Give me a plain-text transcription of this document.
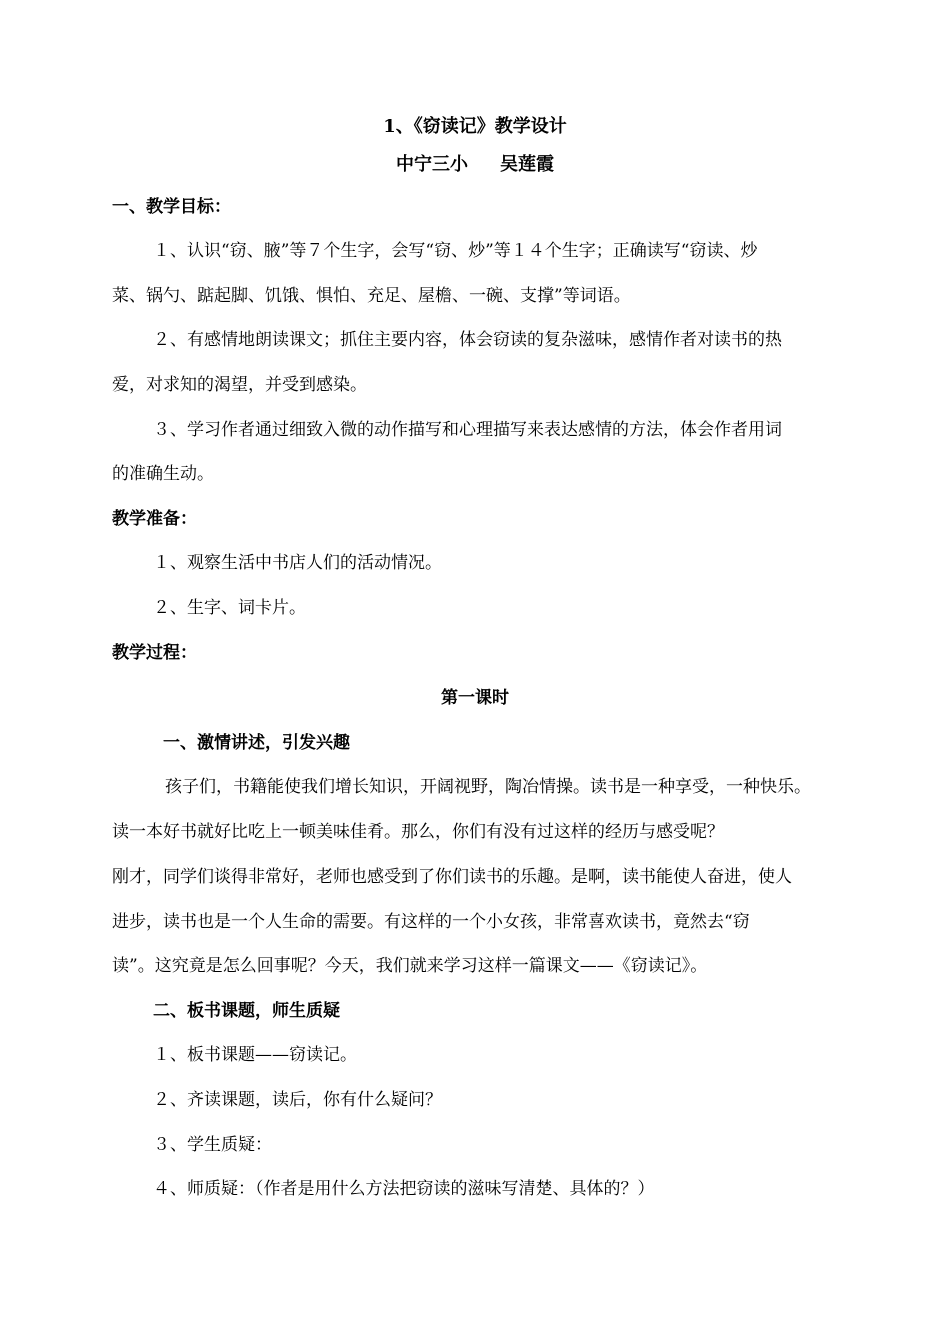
1、《窃读记》教学设计
中宁三小 吴莲霞
一、教学目标：
１、认识“窃、腋”等７个生字，会写“窃、炒”等１４个生字；正确读写“窃读、炒
菜、锅勺、踮起脚、饥饿、惧怕、充足、屋檐、一碗、支撑”等词语。
２、有感情地朗读课文；抓住主要内容，体会窃读的复杂滋味，感情作者对读书的热
爱，对求知的渴望，并受到感染。
３、学习作者通过细致入微的动作描写和心理描写来表达感情的方法，体会作者用词
的准确生动。
教学准备：
１、观察生活中书店人们的活动情况。
２、生字、词卡片。
教学过程：
第一课时
一、激情讲述，引发兴趣
孩子们，书籍能使我们增长知识，开阔视野，陶冶情操。读书是一种享受，一种快乐。
读一本好书就好比吃上一顿美味佳肴。那么，你们有没有过这样的经历与感受呢？
刚才，同学们谈得非常好，老师也感受到了你们读书的乐趣。是啊，读书能使人奋进，使人
进步，读书也是一个人生命的需要。有这样的一个小女孩，非常喜欢读书，竟然去“窃
读”。这究竟是怎么回事呢？今天，我们就来学习这样一篇课文——《窃读记》。
二、板书课题，师生质疑
１、板书课题——窃读记。
２、齐读课题，读后，你有什么疑问？
３、学生质疑：
４、师质疑：（作者是用什么方法把窃读的滋味写清楚、具体的？）
